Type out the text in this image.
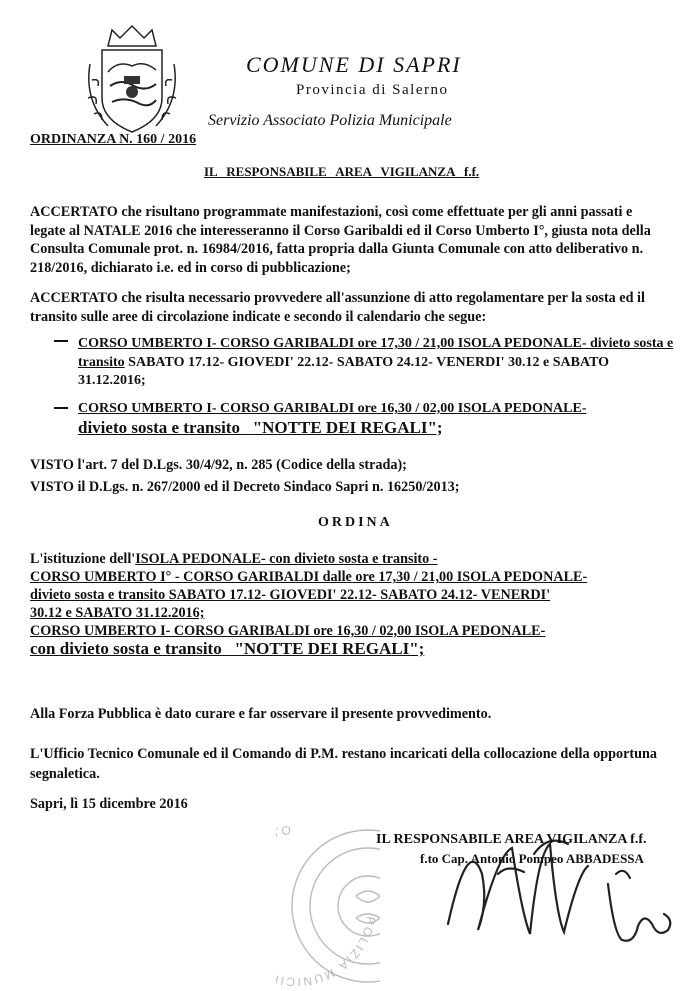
COMUNE DI SAPRI
Provincia di Salerno
Servizio Associato Polizia Municipale
ORDINANZA N. 160 / 2016
IL RESPONSABILE AREA VIGILANZA f.f.
ACCERTATO che risultano programmate manifestazioni, così come effettuate per gli anni passati e legate al NATALE 2016 che interesseranno il Corso Garibaldi ed il Corso Umberto I°, giusta nota della Consulta Comunale prot. n. 16984/2016, fatta propria dalla Giunta Comunale con atto deliberativo n. 218/2016, dichiarato i.e. ed in corso di pubblicazione;
ACCERTATO che risulta necessario provvedere all'assunzione di atto regolamentare per la sosta ed il transito sulle aree di circolazione indicate e secondo il calendario che segue:
CORSO UMBERTO I- CORSO GARIBALDI ore 17,30 / 21,00 ISOLA PEDONALE- divieto sosta e transito SABATO 17.12- GIOVEDI' 22.12- SABATO 24.12- VENERDI' 30.12 e SABATO 31.12.2016;
CORSO UMBERTO I- CORSO GARIBALDI ore 16,30 / 02,00 ISOLA PEDONALE-
divieto sosta e transito "NOTTE DEI REGALI";
VISTO l'art. 7 del D.Lgs. 30/4/92, n. 285 (Codice della strada);
VISTO il D.Lgs. n. 267/2000 ed il Decreto Sindaco Sapri n. 16250/2013;
ORDINA
L'istituzione dell'ISOLA PEDONALE- con divieto sosta e transito -
CORSO UMBERTO I° - CORSO GARIBALDI dalle ore 17,30 / 21,00 ISOLA PEDONALE-
divieto sosta e transito SABATO 17.12- GIOVEDI' 22.12- SABATO 24.12- VENERDI'
30.12 e SABATO 31.12.2016;
CORSO UMBERTO I- CORSO GARIBALDI ore 16,30 / 02,00 ISOLA PEDONALE-
con divieto sosta e transito "NOTTE DEI REGALI";
Alla Forza Pubblica è dato curare e far osservare il presente provvedimento.
L'Ufficio Tecnico Comunale ed il Comando di P.M. restano incaricati della collocazione della opportuna segnaletica.
Sapri, lì 15 dicembre 2016
POLIZIA MUNICI O
IL RESPONSABILE AREA VIGILANZA f.f.
f.to Cap. Antonio Pompeo ABBADESSA
